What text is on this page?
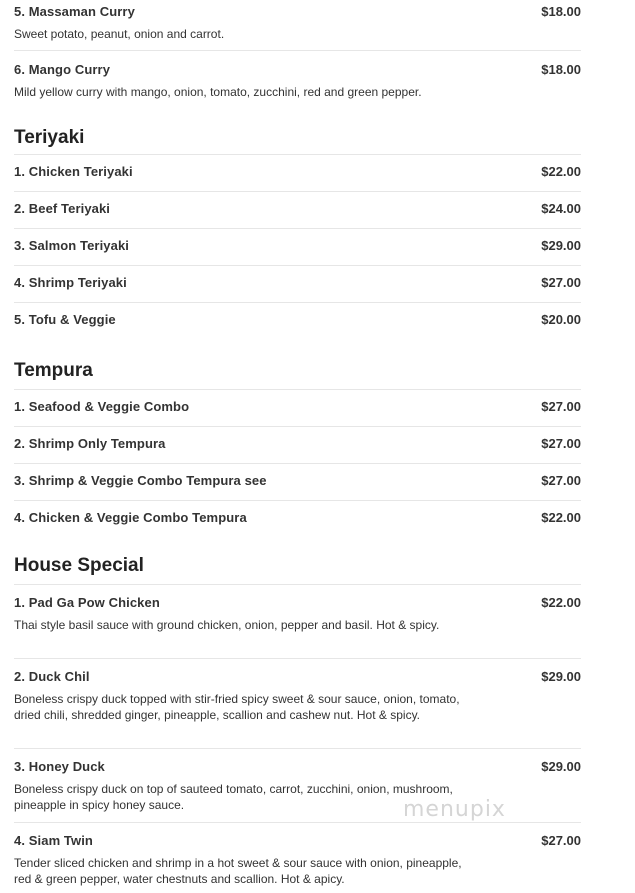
5. Massaman Curry	$18.00
Sweet potato, peanut, onion and carrot.
6. Mango Curry	$18.00
Mild yellow curry with mango, onion, tomato, zucchini, red and green pepper.
Teriyaki
1. Chicken Teriyaki	$22.00
2. Beef Teriyaki	$24.00
3. Salmon Teriyaki	$29.00
4. Shrimp Teriyaki	$27.00
5. Tofu & Veggie	$20.00
Tempura
1. Seafood & Veggie Combo	$27.00
2. Shrimp Only Tempura	$27.00
3. Shrimp & Veggie Combo Tempura see	$27.00
4. Chicken & Veggie Combo Tempura	$22.00
House Special
1. Pad Ga Pow Chicken	$22.00
Thai style basil sauce with ground chicken, onion, pepper and basil. Hot & spicy.
2. Duck Chil	$29.00
Boneless crispy duck topped with stir-fried spicy sweet & sour sauce, onion, tomato, dried chili, shredded ginger, pineapple, scallion and cashew nut. Hot & spicy.
3. Honey Duck	$29.00
Boneless crispy duck on top of sauteed tomato, carrot, zucchini, onion, mushroom, pineapple in spicy honey sauce.
4. Siam Twin	$27.00
Tender sliced chicken and shrimp in a hot sweet & sour sauce with onion, pineapple, red & green pepper, water chestnuts and scallion. Hot & apicy.
menupix
